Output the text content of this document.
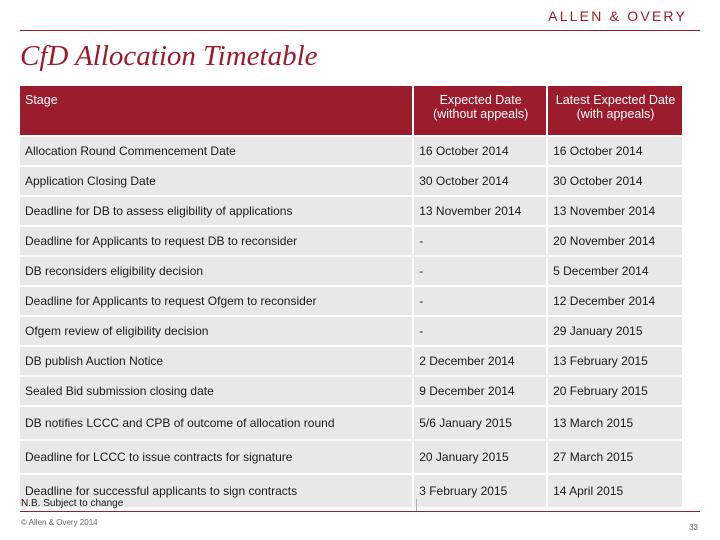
ALLEN & OVERY
CfD Allocation Timetable
Stage	Expected Date (without appeals)	Latest Expected Date (with appeals)
Allocation Round Commencement Date	16 October 2014	16 October 2014
Application Closing Date	30 October 2014	30 October 2014
Deadline for DB to assess eligibility of applications	13 November 2014	13 November 2014
Deadline for Applicants to request DB to reconsider	-	20 November 2014
DB reconsiders eligibility decision	-	5 December 2014
Deadline for Applicants to request Ofgem to reconsider	-	12 December 2014
Ofgem review of eligibility decision	-	29 January 2015
DB publish Auction Notice	2 December 2014	13 February 2015
Sealed Bid submission closing date	9 December 2014	20 February 2015
DB notifies LCCC and CPB of outcome of allocation round	5/6 January 2015	13 March 2015
Deadline for LCCC to issue contracts for signature	20 January 2015	27 March 2015
Deadline for successful applicants to sign contracts	3 February 2015	14 April 2015
N.B. Subject to change
© Allen & Overy 2014
33
